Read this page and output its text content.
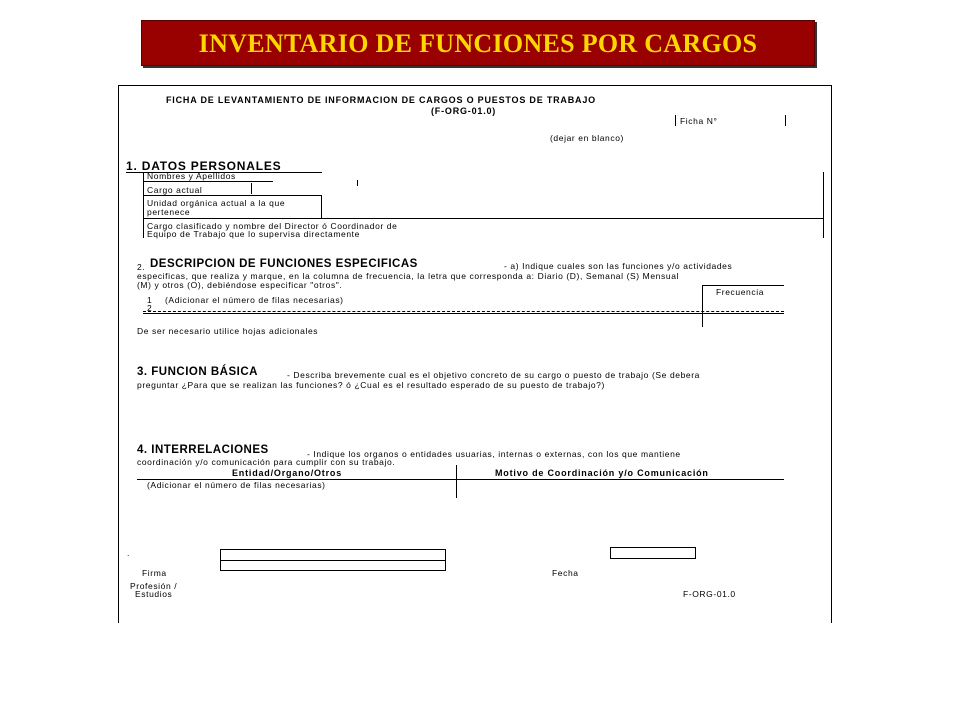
INVENTARIO DE FUNCIONES POR CARGOS
FICHA DE LEVANTAMIENTO DE INFORMACION DE CARGOS O PUESTOS DE TRABAJO
(F-ORG-01.0)
Ficha N°
(dejar en blanco)
1. DATOS PERSONALES
Nombres y Apellidos
Cargo actual
Unidad orgánica actual a la que
pertenece
Cargo clasificado y nombre del Director ó Coordinador de
Equipo de Trabajo que lo supervisa directamente
2. DESCRIPCION DE FUNCIONES ESPECIFICAS	- a) Indique cuales son las funciones y/o actividades
especificas, que realiza y marque, en la columna de frecuencia, la letra que corresponda a: Diario (D), Semanal (S) Mensual
(M) y otros (O), debiéndose especificar "otros".
Frecuencia
1 (Adicionar el número de filas necesarias)
2
De ser necesario utilice hojas adicionales
3. FUNCION BÁSICA	- Describa brevemente cual es el objetivo concreto de su cargo o puesto de trabajo (Se debera
preguntar ¿Para que se realizan las funciones? ó ¿Cual es el resultado esperado de su puesto de trabajo?)
4. INTERRELACIONES	- Indique los organos o entidades usuarias, internas o externas, con los que mantiene
coordinación y/o comunicación para cumplir con su trabajo.
Entidad/Organo/Otros	Motivo de Coordinación y/o Comunicación
(Adicionar el número de filas necesarias)
.
Firma	Fecha
Profesión /
Estudios	F-ORG-01.0
